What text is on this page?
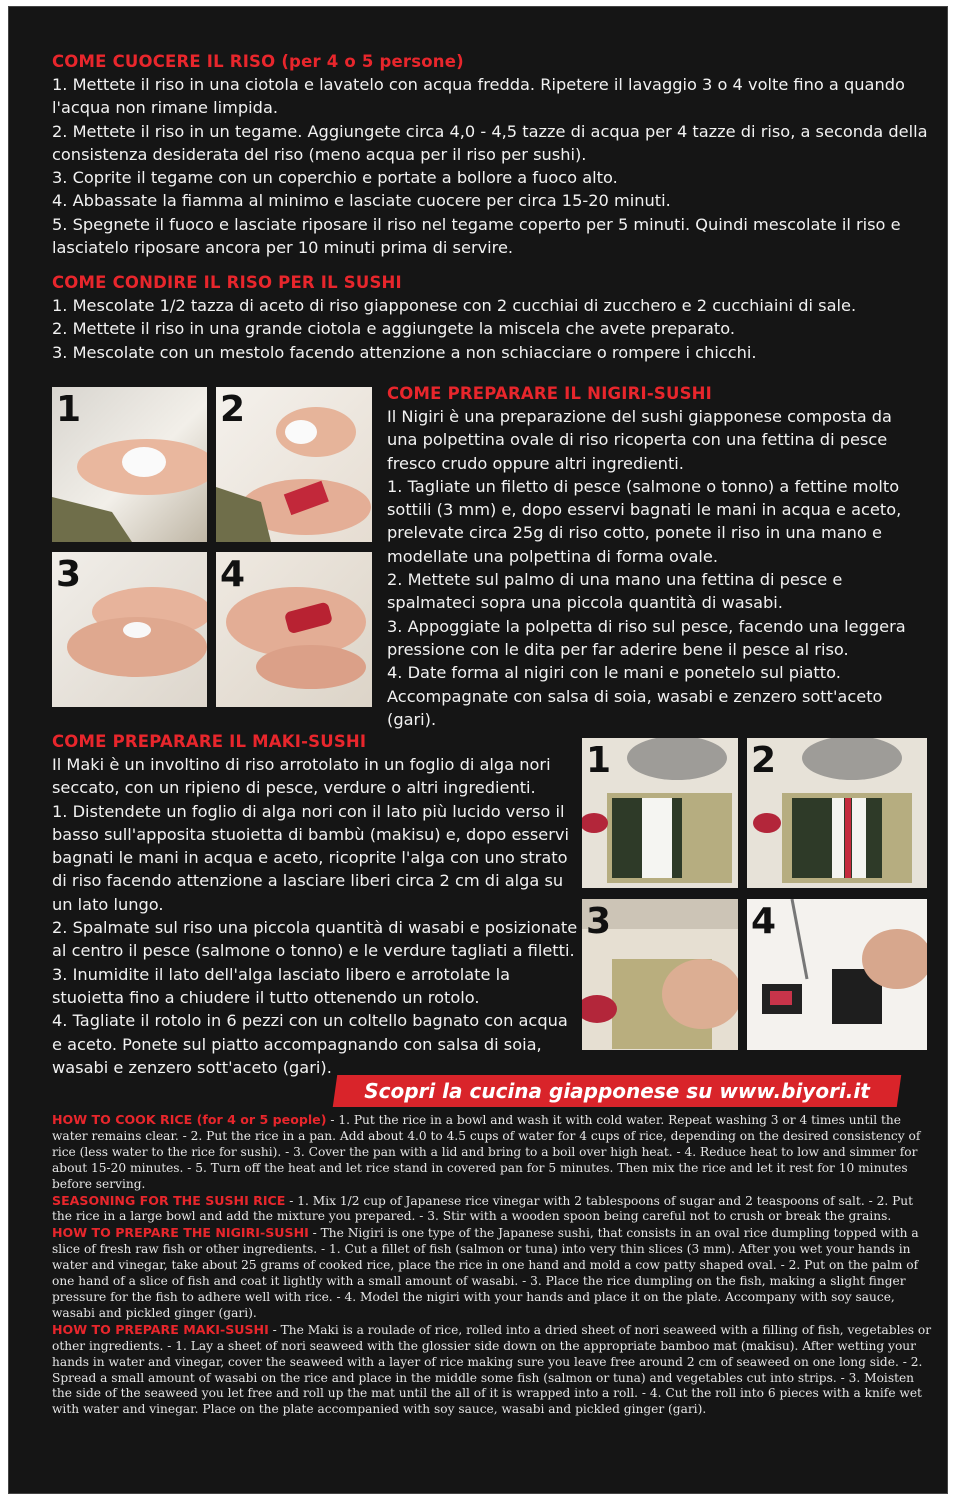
COME CUOCERE IL RISO (per 4 o 5 persone)

1. Mettete il riso in una ciotola e lavatelo con acqua fredda. Ripetere il lavaggio 3 o 4 volte fino a quando l'acqua non rimane limpida.

2. Mettete il riso in un tegame. Aggiungete circa 4,0 - 4,5 tazze di acqua per 4 tazze di riso, a seconda della consistenza desiderata del riso (meno acqua per il riso per sushi).

3. Coprite il tegame con un coperchio e portate a bollore a fuoco alto.

4. Abbassate la fiamma al minimo e lasciate cuocere per circa 15-20 minuti.

5. Spegnete il fuoco e lasciate riposare il riso nel tegame coperto per 5 minuti. Quindi mescolate il riso e lasciatelo riposare ancora per 10 minuti prima di servire.

COME CONDIRE IL RISO PER IL SUSHI

1. Mescolate 1/2 tazza di aceto di riso giapponese con 2 cucchiai di zucchero e 2 cucchiaini di sale.

2. Mettete il riso in una grande ciotola e aggiungete la miscela che avete preparato.

3. Mescolate con un mestolo facendo attenzione a non schiacciare o rompere i chicchi.

1	2
3	4

COME PREPARARE IL NIGIRI-SUSHI

Il Nigiri è una preparazione del sushi giapponese composta da una polpettina ovale di riso ricoperta con una fettina di pesce fresco crudo oppure altri ingredienti.

1. Tagliate un filetto di pesce (salmone o tonno) a fettine molto sottili (3 mm) e, dopo esservi bagnati le mani in acqua e aceto, prelevate circa 25g di riso cotto, ponete il riso in una mano e modellate una polpettina di forma ovale.

2. Mettete sul palmo di una mano una fettina di pesce e spalmateci sopra una piccola quantità di wasabi.

3. Appoggiate la polpetta di riso sul pesce, facendo una leggera pressione con le dita per far aderire bene il pesce al riso.

4. Date forma al nigiri con le mani e ponetelo sul piatto. Accompagnate con salsa di soia, wasabi e zenzero sott'aceto (gari).

COME PREPARARE IL MAKI-SUSHI

Il Maki è un involtino di riso arrotolato in un foglio di alga nori seccato, con un ripieno di pesce, verdure o altri ingredienti.

1. Distendete un foglio di alga nori con il lato più lucido verso il basso sull'apposita stuoietta di bambù (makisu) e, dopo esservi bagnati le mani in acqua e aceto, ricoprite l'alga con uno strato di riso facendo attenzione a lasciare liberi circa 2 cm di alga su un lato lungo.

2. Spalmate sul riso una piccola quantità di wasabi e posizionate al centro il pesce (salmone o tonno) e le verdure tagliati a filetti.

3. Inumidite il lato dell'alga lasciato libero e arrotolate la stuoietta fino a chiudere il tutto ottenendo un rotolo.

4. Tagliate il rotolo in 6 pezzi con un coltello bagnato con acqua e aceto. Ponete sul piatto accompagnando con salsa di soia, wasabi e zenzero sott'aceto (gari).

1	2
3	4
Scopri la cucina giapponese su www.biyori.it

HOW TO COOK RICE (for 4 or 5 people) - 1. Put the rice in a bowl and wash it with cold water. Repeat washing 3 or 4 times until the water remains clear. - 2. Put the rice in a pan. Add about 4.0 to 4.5 cups of water for 4 cups of rice, depending on the desired consistency of rice (less water to the rice for sushi). - 3. Cover the pan with a lid and bring to a boil over high heat. - 4. Reduce heat to low and simmer for about 15-20 minutes. - 5. Turn off the heat and let rice stand in covered pan for 5 minutes. Then mix the rice and let it rest for 10 minutes before serving.

SEASONING FOR THE SUSHI RICE - 1. Mix 1/2 cup of Japanese rice vinegar with 2 tablespoons of sugar and 2 teaspoons of salt. - 2. Put the rice in a large bowl and add the mixture you prepared. - 3. Stir with a wooden spoon being careful not to crush or break the grains.

HOW TO PREPARE THE NIGIRI-SUSHI - The Nigiri is one type of the Japanese sushi, that consists in an oval rice dumpling topped with a slice of fresh raw fish or other ingredients. - 1. Cut a fillet of fish (salmon or tuna) into very thin slices (3 mm). After you wet your hands in water and vinegar, take about 25 grams of cooked rice, place the rice in one hand and mold a cow patty shaped oval. - 2. Put on the palm of one hand of a slice of fish and coat it lightly with a small amount of wasabi. - 3. Place the rice dumpling on the fish, making a slight finger pressure for the fish to adhere well with rice. - 4. Model the nigiri with your hands and place it on the plate. Accompany with soy sauce, wasabi and pickled ginger (gari).

HOW TO PREPARE MAKI-SUSHI - The Maki is a roulade of rice, rolled into a dried sheet of nori seaweed with a filling of fish, vegetables or other ingredients. - 1. Lay a sheet of nori seaweed with the glossier side down on the appropriate bamboo mat (makisu). After wetting your hands in water and vinegar, cover the seaweed with a layer of rice making sure you leave free around 2 cm of seaweed on one long side. - 2. Spread a small amount of wasabi on the rice and place in the middle some fish (salmon or tuna) and vegetables cut into strips. - 3. Moisten the side of the seaweed you let free and roll up the mat until the all of it is wrapped into a roll. - 4. Cut the roll into 6 pieces with a knife wet with water and vinegar. Place on the plate accompanied with soy sauce, wasabi and pickled ginger (gari).
